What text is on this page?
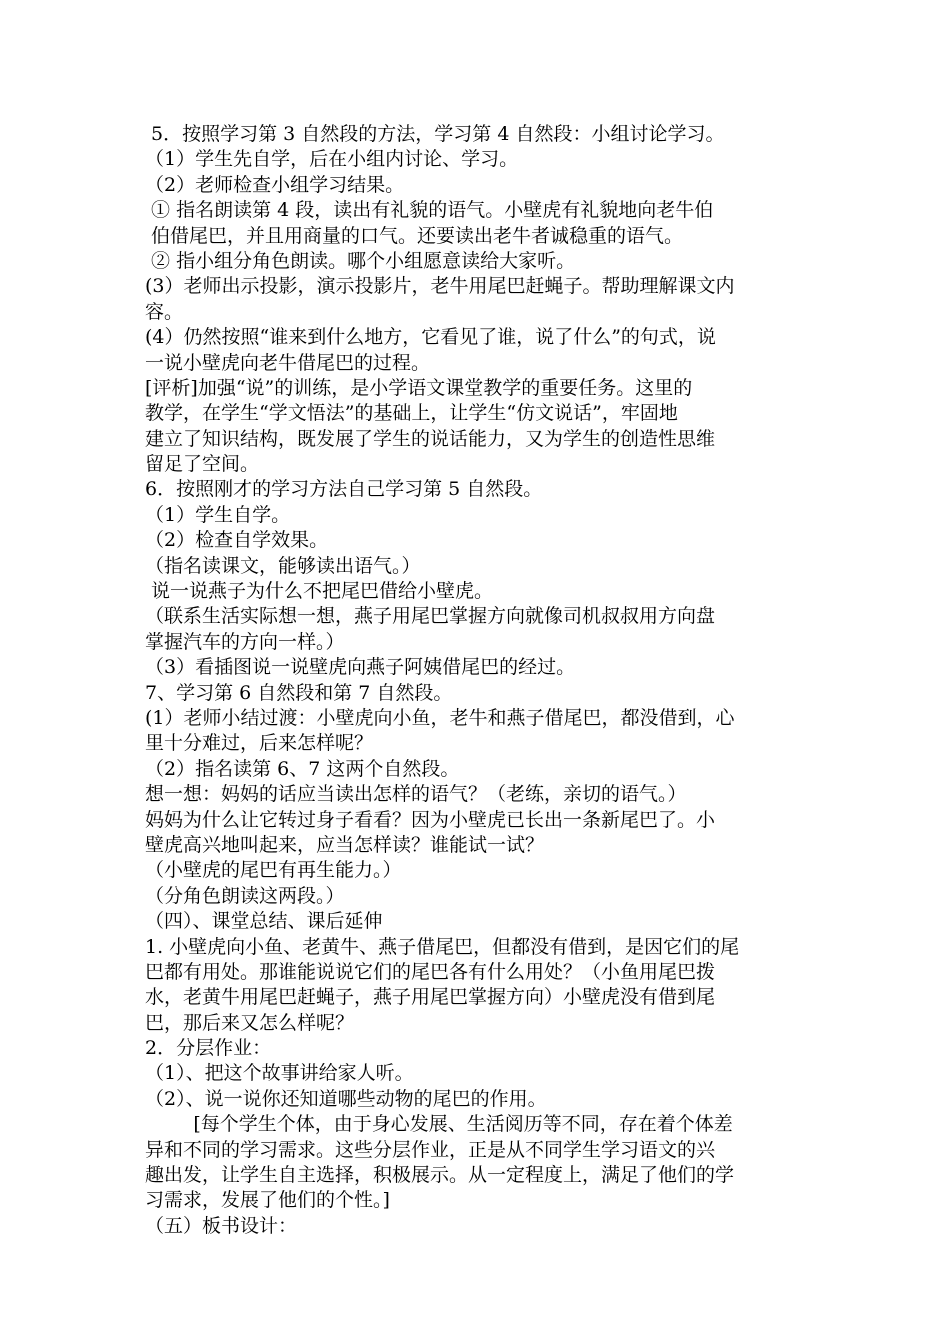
5．按照学习第 3 自然段的方法，学习第 4 自然段：小组讨论学习。
（1）学生先自学，后在小组内讨论、学习。
（2）老师检查小组学习结果。
① 指名朗读第 4 段，读出有礼貌的语气。小壁虎有礼貌地向老牛伯
伯借尾巴，并且用商量的口气。还要读出老牛者诚稳重的语气。
② 指小组分角色朗读。哪个小组愿意读给大家听。
(3）老师出示投影，演示投影片，老牛用尾巴赶蝇子。帮助理解课文内
容。
(4）仍然按照“谁来到什么地方，它看见了谁，说了什么”的句式，说
一说小壁虎向老牛借尾巴的过程。
[评析]加强“说”的训练，是小学语文课堂教学的重要任务。这里的
教学，在学生“学文悟法”的基础上，让学生“仿文说话”，牢固地
建立了知识结构，既发展了学生的说话能力，又为学生的创造性思维
留足了空间。
6．按照刚才的学习方法自己学习第 5 自然段。
（1）学生自学。
（2）检查自学效果。
（指名读课文，能够读出语气。）
说一说燕子为什么不把尾巴借给小壁虎。
（联系生活实际想一想，燕子用尾巴掌握方向就像司机叔叔用方向盘
掌握汽车的方向一样。）
（3）看插图说一说壁虎向燕子阿姨借尾巴的经过。
7、学习第 6 自然段和第 7 自然段。
(1）老师小结过渡：小壁虎向小鱼，老牛和燕子借尾巴，都没借到，心
里十分难过，后来怎样呢？
（2）指名读第 6、7 这两个自然段。
想一想：妈妈的话应当读出怎样的语气？（老练，亲切的语气。）
妈妈为什么让它转过身子看看？因为小壁虎已长出一条新尾巴了。小
壁虎高兴地叫起来，应当怎样读？谁能试一试？
（小壁虎的尾巴有再生能力。）
（分角色朗读这两段。）
（四）、课堂总结、课后延伸
1. 小壁虎向小鱼、老黄牛、燕子借尾巴，但都没有借到，是因它们的尾
巴都有用处。那谁能说说它们的尾巴各有什么用处？（小鱼用尾巴拨
水，老黄牛用尾巴赶蝇子，燕子用尾巴掌握方向）小壁虎没有借到尾
巴，那后来又怎么样呢？
2．分层作业：
（1）、把这个故事讲给家人听。
（2）、说一说你还知道哪些动物的尾巴的作用。
[每个学生个体，由于身心发展、生活阅历等不同，存在着个体差
异和不同的学习需求。这些分层作业，正是从不同学生学习语文的兴
趣出发，让学生自主选择，积极展示。从一定程度上，满足了他们的学
习需求，发展了他们的个性。]
（五）板书设计：
